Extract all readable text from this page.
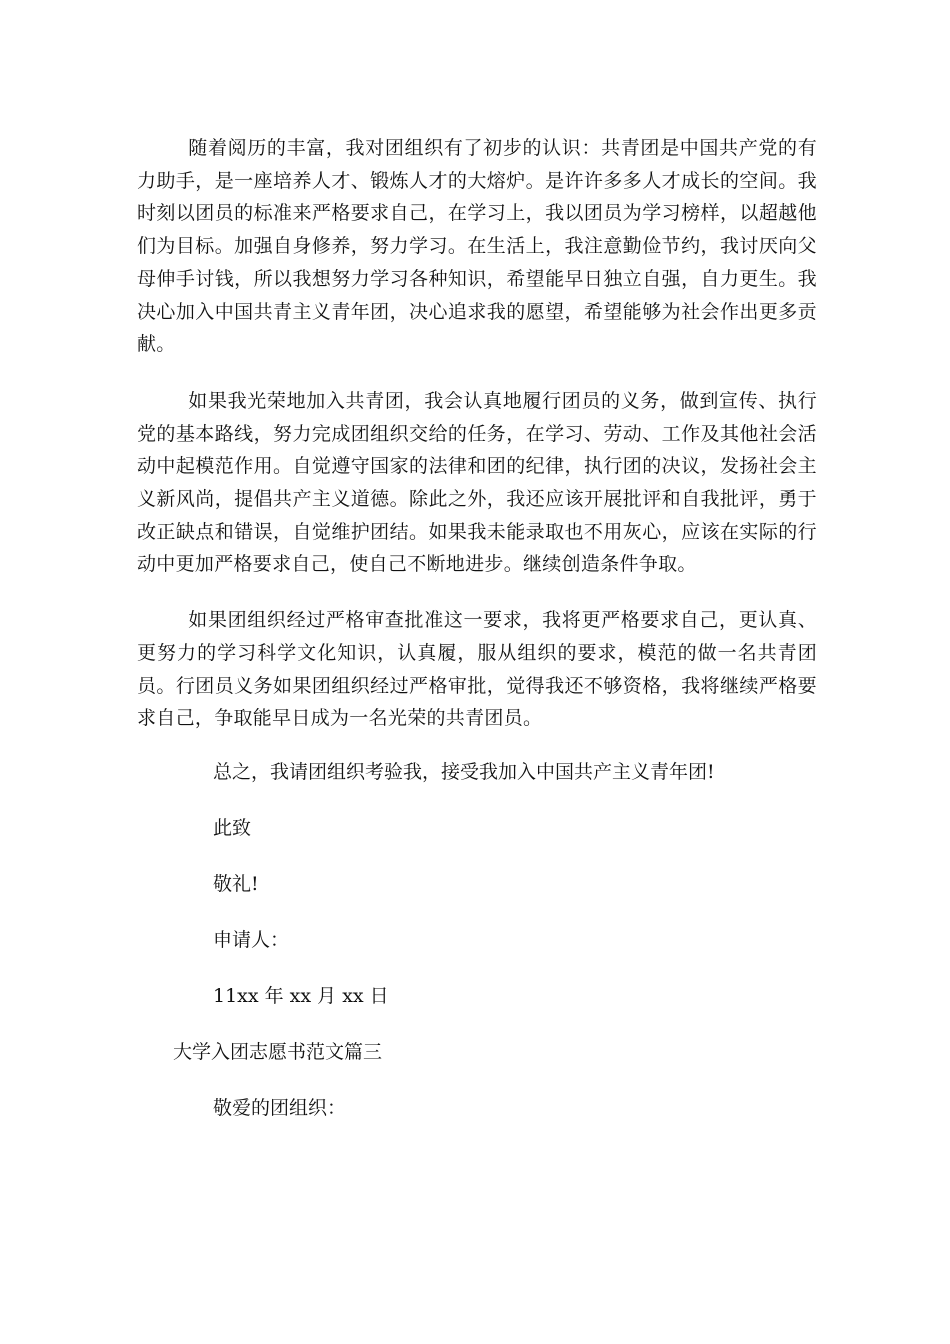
随着阅历的丰富，我对团组织有了初步的认识：共青团是中国共产党的有力助手，是一座培养人才、锻炼人才的大熔炉。是许许多多人才成长的空间。我时刻以团员的标准来严格要求自己，在学习上，我以团员为学习榜样，以超越他们为目标。加强自身修养，努力学习。在生活上，我注意勤俭节约，我讨厌向父母伸手讨钱，所以我想努力学习各种知识，希望能早日独立自强，自力更生。我决心加入中国共青主义青年团，决心追求我的愿望，希望能够为社会作出更多贡献。

如果我光荣地加入共青团，我会认真地履行团员的义务，做到宣传、执行党的基本路线，努力完成团组织交给的任务，在学习、劳动、工作及其他社会活动中起模范作用。自觉遵守国家的法律和团的纪律，执行团的决议，发扬社会主义新风尚，提倡共产主义道德。除此之外，我还应该开展批评和自我批评，勇于改正缺点和错误，自觉维护团结。如果我未能录取也不用灰心，应该在实际的行动中更加严格要求自己，使自己不断地进步。继续创造条件争取。

如果团组织经过严格审查批准这一要求，我将更严格要求自己，更认真、更努力的学习科学文化知识，认真履，服从组织的要求，模范的做一名共青团员。行团员义务如果团组织经过严格审批，觉得我还不够资格，我将继续严格要求自己，争取能早日成为一名光荣的共青团员。

总之，我请团组织考验我，接受我加入中国共产主义青年团!

此致

敬礼!

申请人：

11xx 年 xx 月 xx 日

大学入团志愿书范文篇三

敬爱的团组织：
